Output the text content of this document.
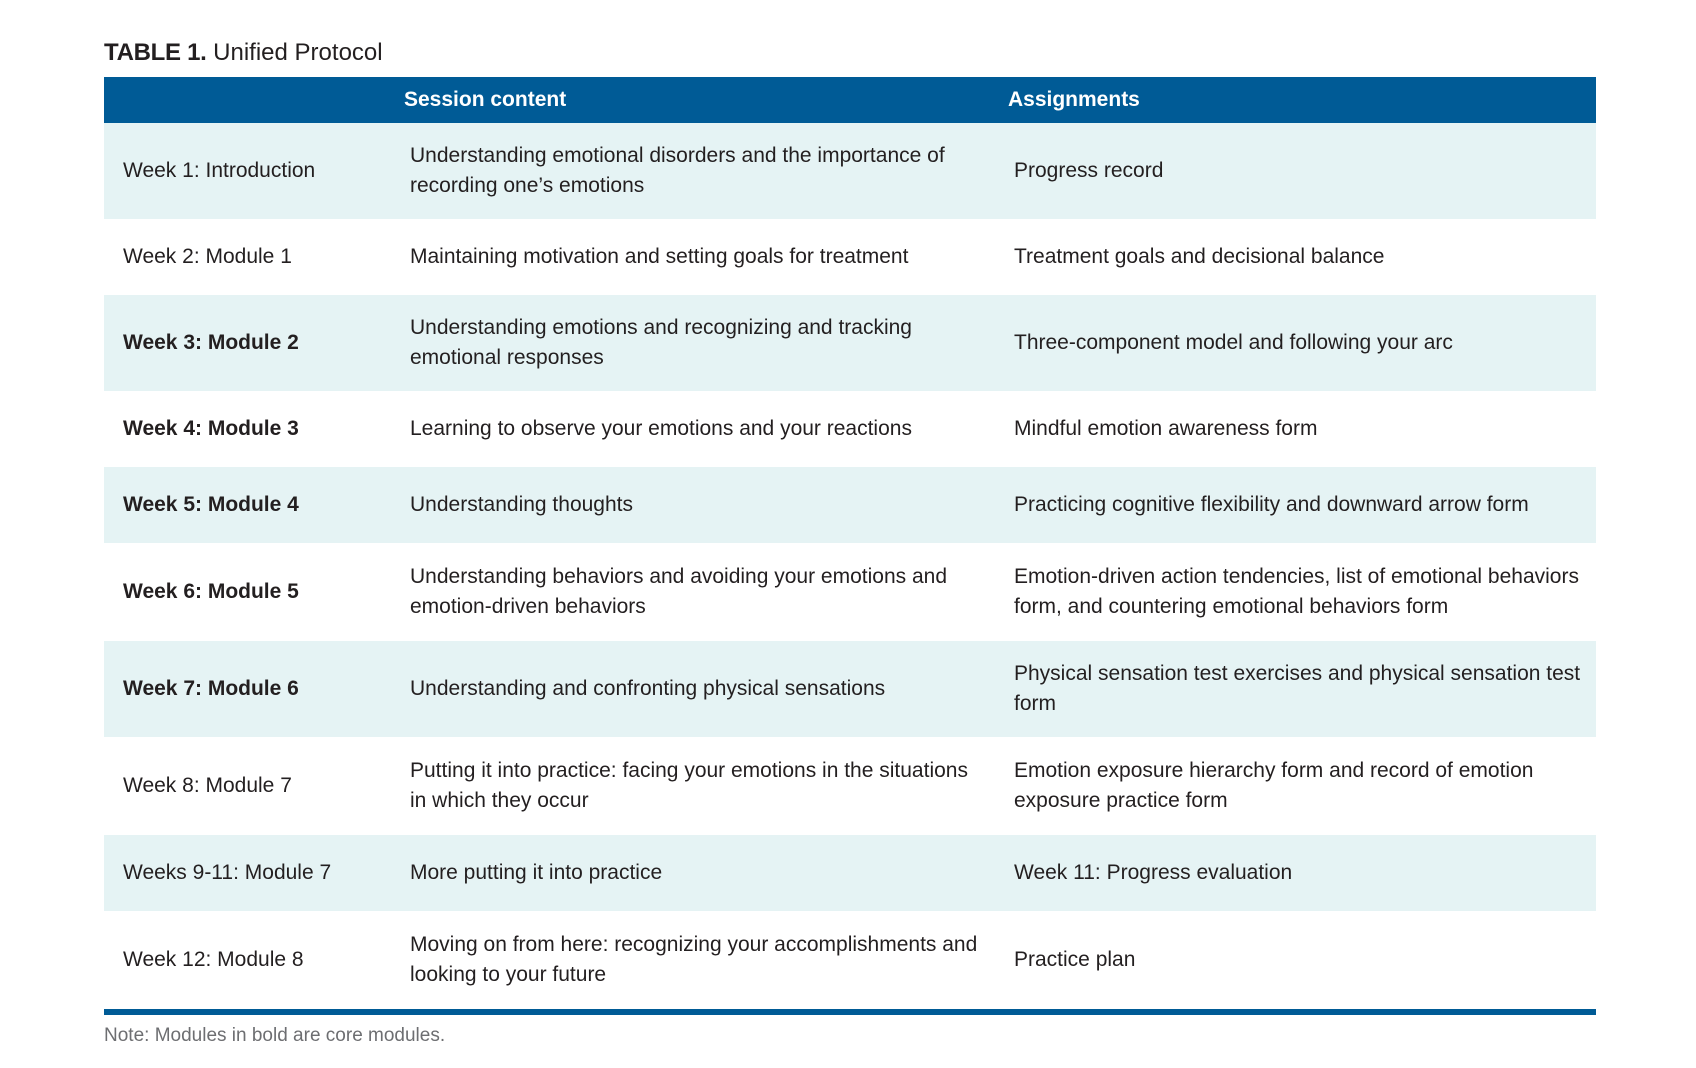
TABLE 1. Unified Protocol
	Session content	Assignments
Week 1: Introduction	Understanding emotional disorders and the importance of recording one’s emotions	Progress record
Week 2: Module 1	Maintaining motivation and setting goals for treatment	Treatment goals and decisional balance
Week 3: Module 2	Understanding emotions and recognizing and tracking emotional responses	Three-component model and following your arc
Week 4: Module 3	Learning to observe your emotions and your reactions	Mindful emotion awareness form
Week 5: Module 4	Understanding thoughts	Practicing cognitive flexibility and downward arrow form
Week 6: Module 5	Understanding behaviors and avoiding your emotions and emotion-driven behaviors	Emotion-driven action tendencies, list of emotional behaviors form, and countering emotional behaviors form
Week 7: Module 6	Understanding and confronting physical sensations	Physical sensation test exercises and physical sensation test form
Week 8: Module 7	Putting it into practice: facing your emotions in the situations in which they occur	Emotion exposure hierarchy form and record of emotion exposure practice form
Weeks 9-11: Module 7	More putting it into practice	Week 11: Progress evaluation
Week 12: Module 8	Moving on from here: recognizing your accomplishments and looking to your future	Practice plan
Note: Modules in bold are core modules.
